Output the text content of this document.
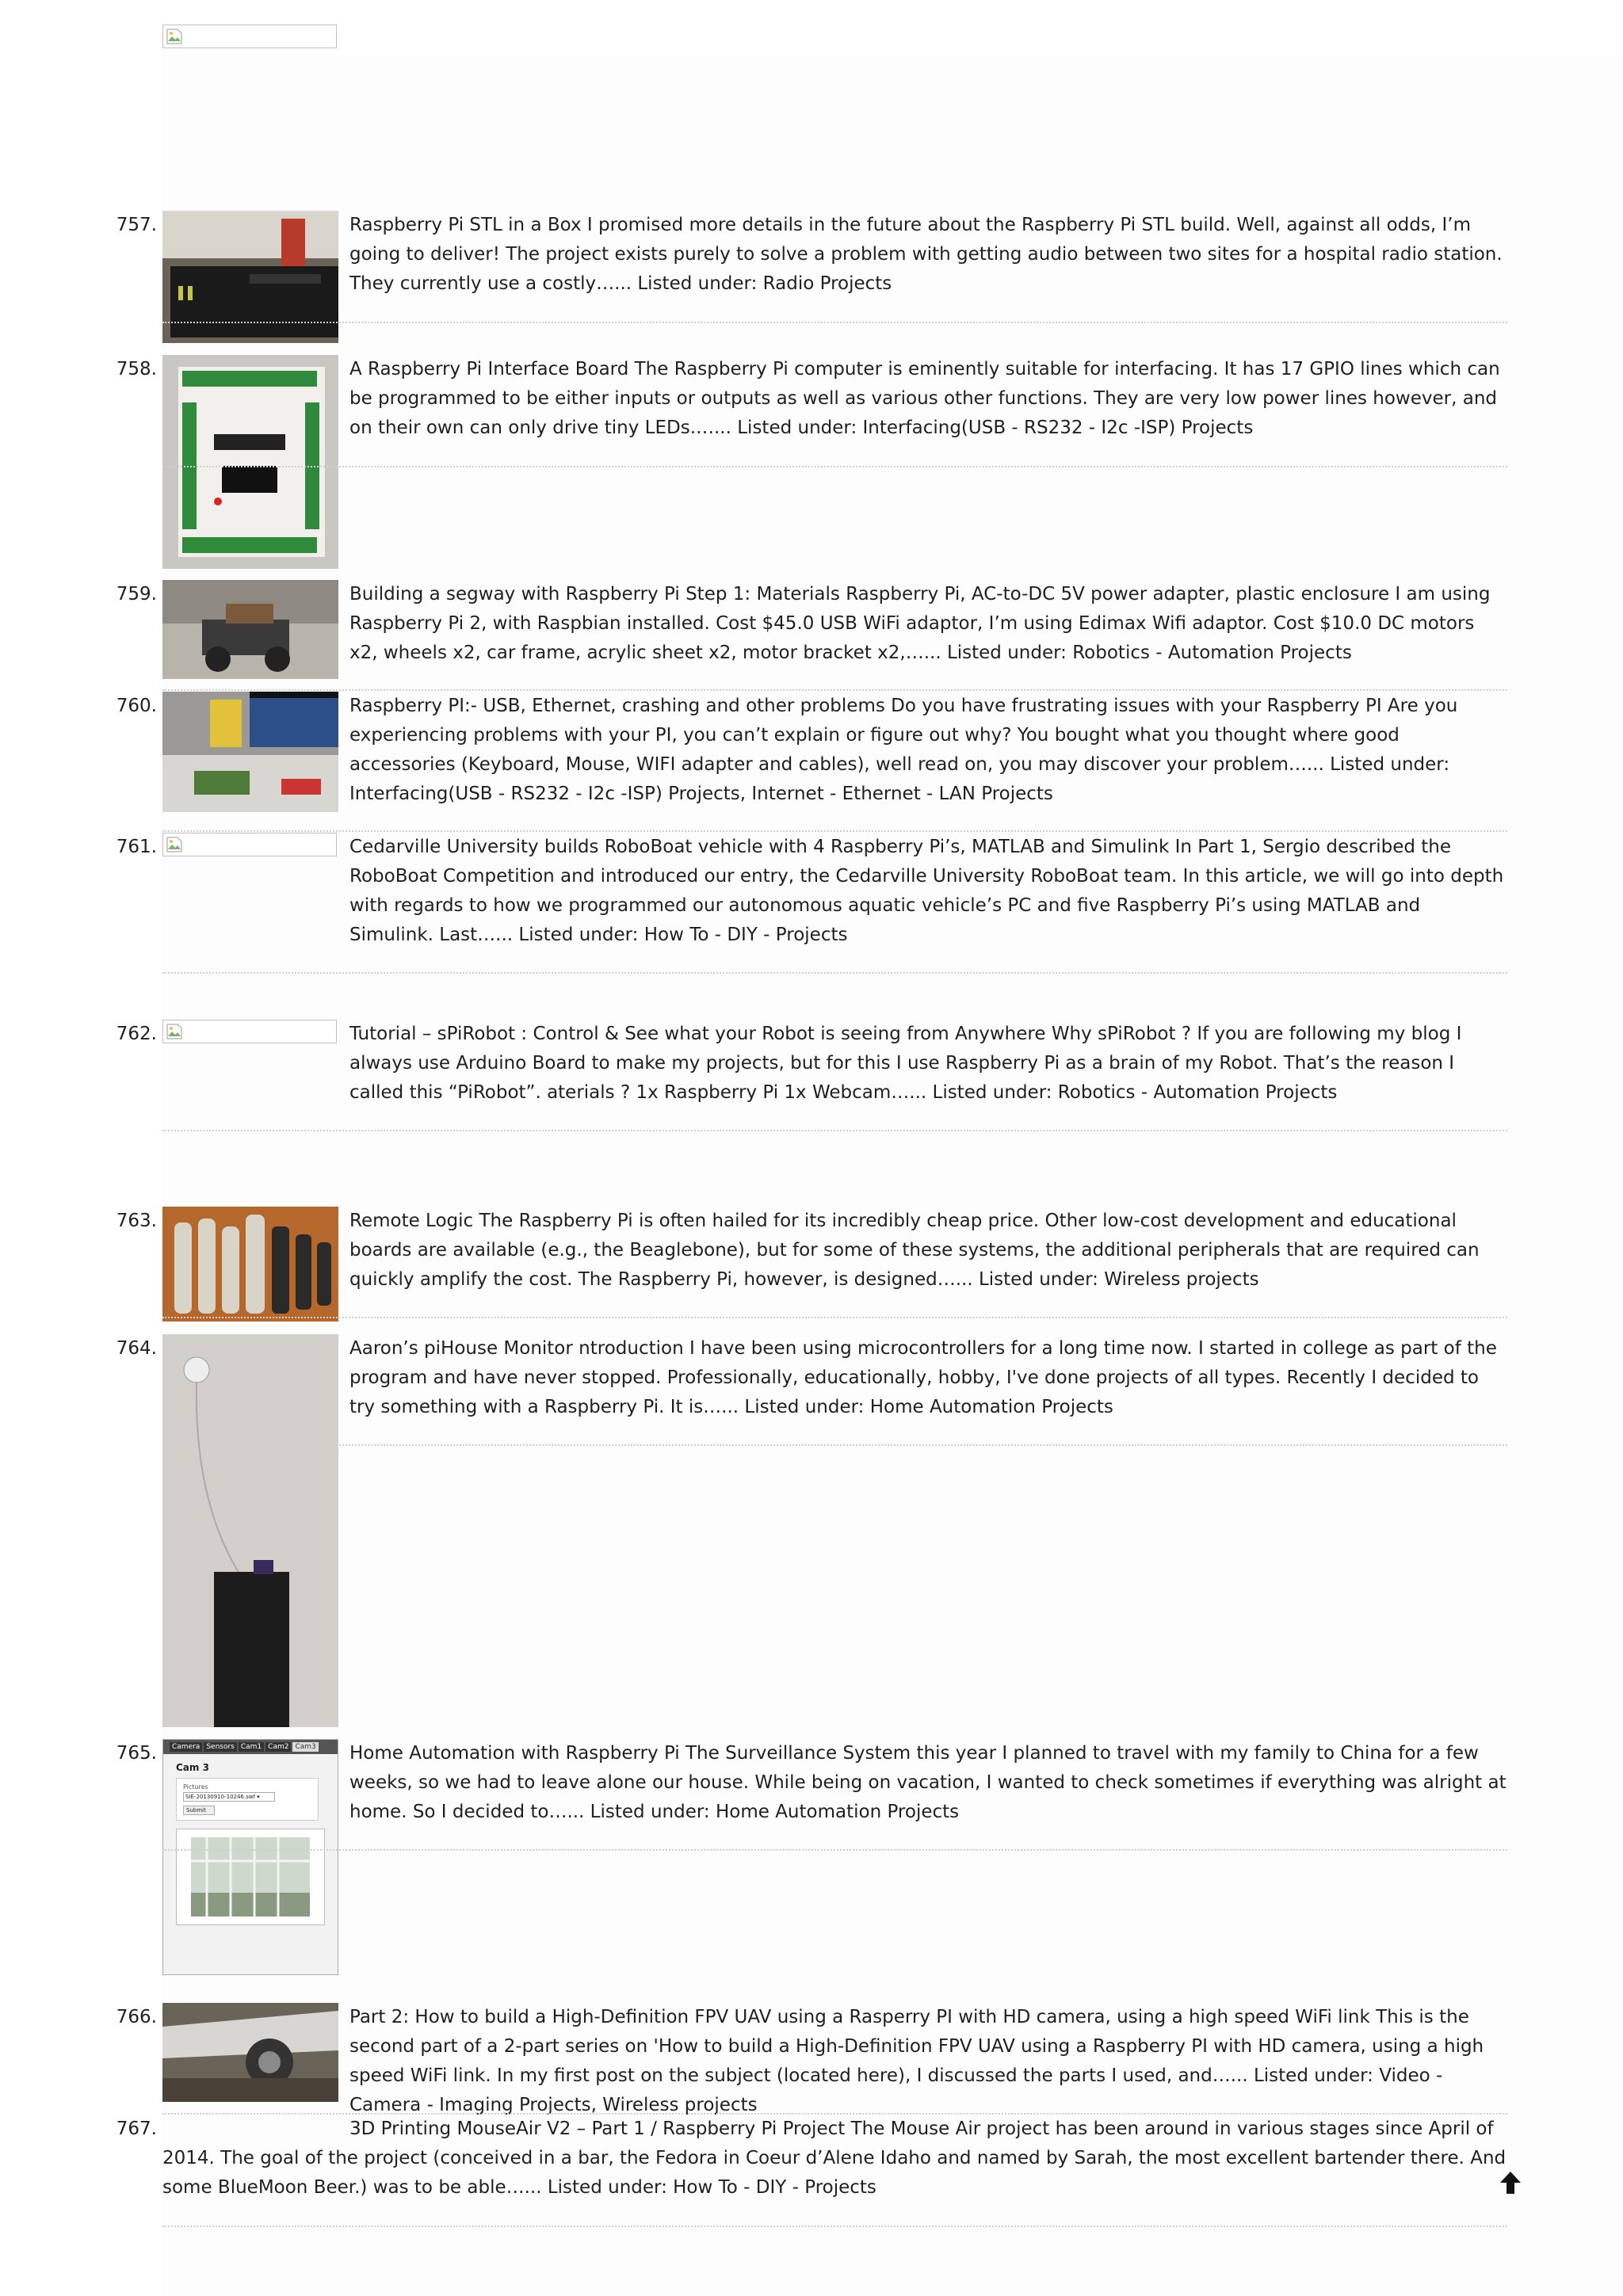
757.	Raspberry Pi STL in a Box I promised more details in the future about the Raspberry Pi STL build. Well, against all odds, I’m going to deliver! The project exists purely to solve a problem with getting audio between two sites for a hospital radio station. They currently use a costly…... Listed under: Radio Projects

758.	A Raspberry Pi Interface Board The Raspberry Pi computer is eminently suitable for interfacing. It has 17 GPIO lines which can be programmed to be either inputs or outputs as well as various other functions. They are very low power lines however, and on their own can only drive tiny LEDs.…... Listed under: Interfacing(USB - RS232 - I2c -ISP) Projects

759.	Building a segway with Raspberry Pi Step 1: Materials Raspberry Pi, AC-to-DC 5V power adapter, plastic enclosure I am using Raspberry Pi 2, with Raspbian installed. Cost $45.0 USB WiFi adaptor, I’m using Edimax Wifi adaptor. Cost $10.0 DC motors x2, wheels x2, car frame, acrylic sheet x2, motor bracket x2,…... Listed under: Robotics - Automation Projects

760.	Raspberry PI:- USB, Ethernet, crashing and other problems Do you have frustrating issues with your Raspberry PI Are you experiencing problems with your PI, you can’t explain or figure out why? You bought what you thought where good accessories (Keyboard, Mouse, WIFI adapter and cables), well read on, you may discover your problem…... Listed under: Interfacing(USB - RS232 - I2c -ISP) Projects, Internet - Ethernet - LAN Projects

761.	Cedarville University builds RoboBoat vehicle with 4 Raspberry Pi’s, MATLAB and Simulink In Part 1, Sergio described the RoboBoat Competition and introduced our entry, the Cedarville University RoboBoat team. In this article, we will go into depth with regards to how we programmed our autonomous aquatic vehicle’s PC and five Raspberry Pi’s using MATLAB and Simulink. Last…... Listed under: How To - DIY - Projects

762.	Tutorial – sPiRobot : Control & See what your Robot is seeing from Anywhere Why sPiRobot ? If you are following my blog I always use Arduino Board to make my projects, but for this I use Raspberry Pi as a brain of my Robot. That’s the reason I called this “PiRobot”. aterials ? 1x Raspberry Pi 1x Webcam…... Listed under: Robotics - Automation Projects

763.	Remote Logic The Raspberry Pi is often hailed for its incredibly cheap price. Other low-cost development and educational boards are available (e.g., the Beaglebone), but for some of these systems, the additional peripherals that are required can quickly amplify the cost. The Raspberry Pi, however, is designed…... Listed under: Wireless projects

764.	Aaron’s piHouse Monitor ntroduction I have been using microcontrollers for a long time now. I started in college as part of the program and have never stopped. Professionally, educationally, hobby, I've done projects of all types. Recently I decided to try something with a Raspberry Pi. It is…... Listed under: Home Automation Projects

765.	Camera Sensors Cam1 Cam2 Cam3
Cam 3
Pictures
SIE-20130910-10246.swf ▾
Submit

Home Automation with Raspberry Pi The Surveillance System this year I planned to travel with my family to China for a few weeks, so we had to leave alone our house. While being on vacation, I wanted to check sometimes if everything was alright at home. So I decided to…... Listed under: Home Automation Projects

766.	Part 2: How to build a High-Definition FPV UAV using a Rasperry PI with HD camera, using a high speed WiFi link This is the second part of a 2-part series on 'How to build a High-Definition FPV UAV using a Raspberry PI with HD camera, using a high speed WiFi link. In my first post on the subject (located here), I discussed the parts I used, and…... Listed under: Video - Camera - Imaging Projects, Wireless projects

767.	3D Printing MouseAir V2 – Part 1 / Raspberry Pi Project The Mouse Air project has been around in various stages since April of 2014. The goal of the project (conceived in a bar, the Fedora in Coeur d’Alene Idaho and named by Sarah, the most excellent bartender there. And some BlueMoon Beer.) was to be able…... Listed under: How To - DIY - Projects
